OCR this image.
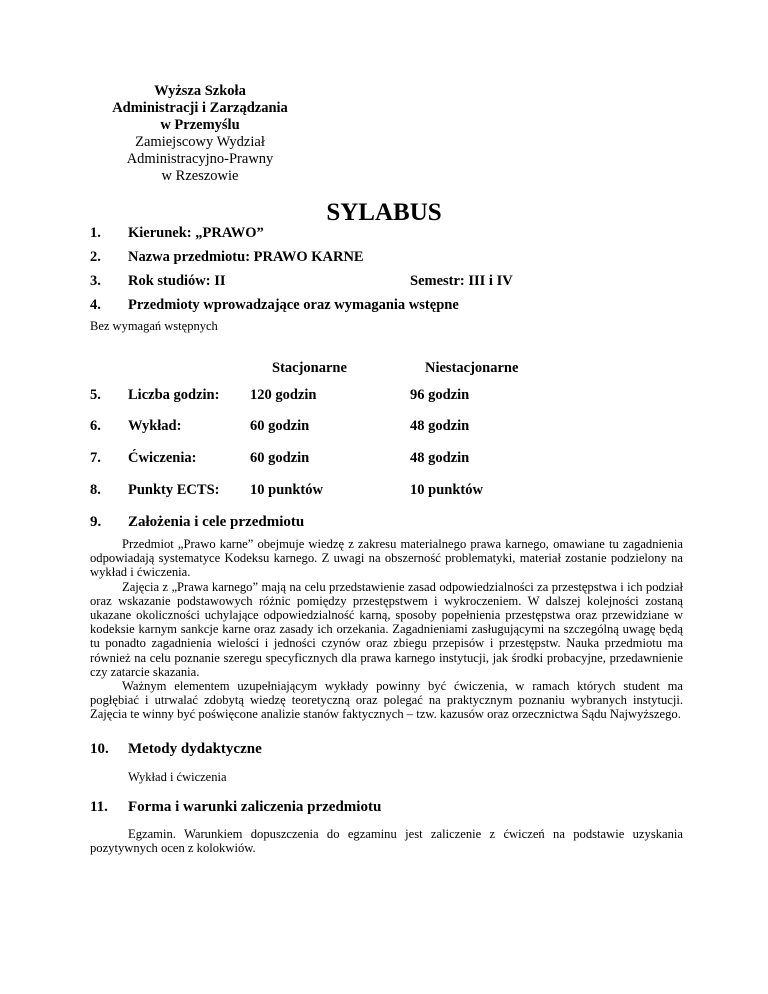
Wyższa Szkoła
Administracji i Zarządzania
w Przemyślu
Zamiejscowy Wydział
Administracyjno-Prawny
w Rzeszowie
SYLABUS
1. Kierunek: „PRAWO”
2. Nazwa przedmiotu: PRAWO KARNE
3. Rok studiów: II	Semestr: III i IV
4. Przedmioty wprowadzające oraz wymagania wstępne
Bez wymagań wstępnych
Stacjonarne	Niestacjonarne
5. Liczba godzin: 120 godzin	96 godzin
6. Wykład:	60 godzin	48 godzin
7. Ćwiczenia:	60 godzin	48 godzin
8. Punkty ECTS: 10 punktów	10 punktów
9. Założenia i cele przedmiotu

Przedmiot „Prawo karne” obejmuje wiedzę z zakresu materialnego prawa karnego, omawiane tu zagadnienia odpowiadają systematyce Kodeksu karnego. Z uwagi na obszerność problematyki, materiał zostanie podzielony na wykład i ćwiczenia.

Zajęcia z „Prawa karnego” mają na celu przedstawienie zasad odpowiedzialności za przestępstwa i ich podział oraz wskazanie podstawowych różnic pomiędzy przestępstwem i wykroczeniem. W dalszej kolejności zostaną ukazane okoliczności uchylające odpowiedzialność karną, sposoby popełnienia przestępstwa oraz przewidziane w kodeksie karnym sankcje karne oraz zasady ich orzekania. Zagadnieniami zasługującymi na szczególną uwagę będą tu ponadto zagadnienia wielości i jedności czynów oraz zbiegu przepisów i przestępstw. Nauka przedmiotu ma również na celu poznanie szeregu specyficznych dla prawa karnego instytucji, jak środki probacyjne, przedawnienie czy zatarcie skazania.

Ważnym elementem uzupełniającym wykłady powinny być ćwiczenia, w ramach których student ma pogłębiać i utrwalać zdobytą wiedzę teoretyczną oraz polegać na praktycznym poznaniu wybranych instytucji. Zajęcia te winny być poświęcone analizie stanów faktycznych – tzw. kazusów oraz orzecznictwa Sądu Najwyższego.

10. Metody dydaktyczne
Wykład i ćwiczenia
11. Forma i warunki zaliczenia przedmiotu

Egzamin. Warunkiem dopuszczenia do egzaminu jest zaliczenie z ćwiczeń na podstawie uzyskania pozytywnych ocen z kolokwiów.
